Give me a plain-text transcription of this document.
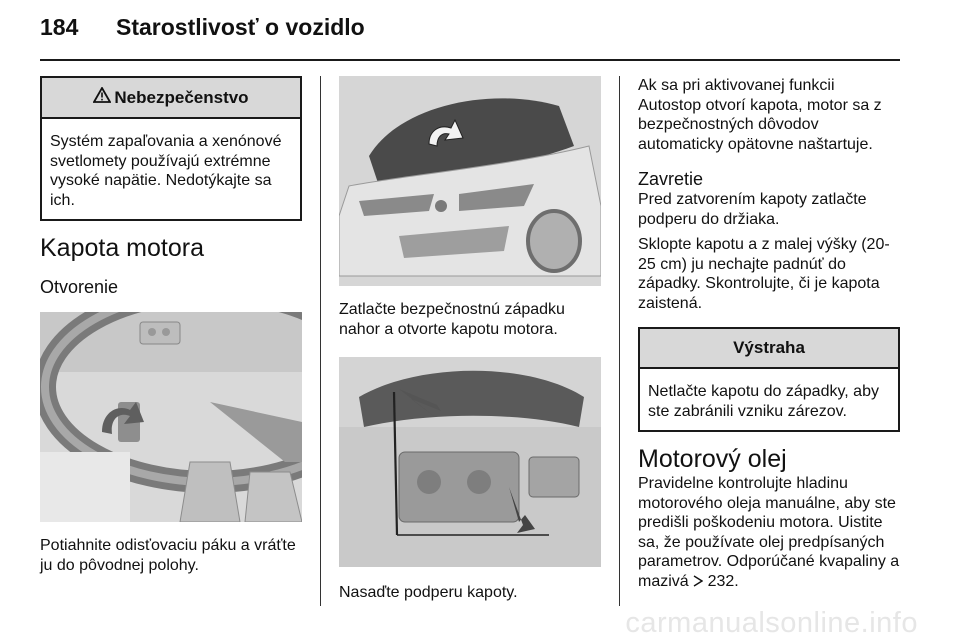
184 Starostlivosť o vozidlo
Nebezpečenstvo
Systém zapaľovania a xenónové svetlomety používajú extrémne vysoké napätie. Nedotýkajte sa ich.
Kapota motora
Otvorenie

Potiahnite odisťovaciu páku a vráťte ju do pôvodnej polohy.

Zatlačte bezpečnostnú západku nahor a otvorte kapotu motora.

Nasaďte podperu kapoty.

Ak sa pri aktivovanej funkcii Autostop otvorí kapota, motor sa z bezpečnostných dôvodov automaticky opätovne naštartuje.

Zavretie

Pred zatvorením kapoty zatlačte podperu do držiaka.

Sklopte kapotu a z malej výšky (20-25 cm) ju nechajte padnúť do západky. Skontrolujte, či je kapota zaistená.

Výstraha
Netlačte kapotu do západky, aby ste zabránili vzniku zárezov.
Motorový olej

Pravidelne kontrolujte hladinu motorového oleja manuálne, aby ste predišli poškodeniu motora. Uistite sa, že používate olej predpísaných parametrov. Odporúčané kvapaliny a mazivá 232.

carmanualsonline.info
